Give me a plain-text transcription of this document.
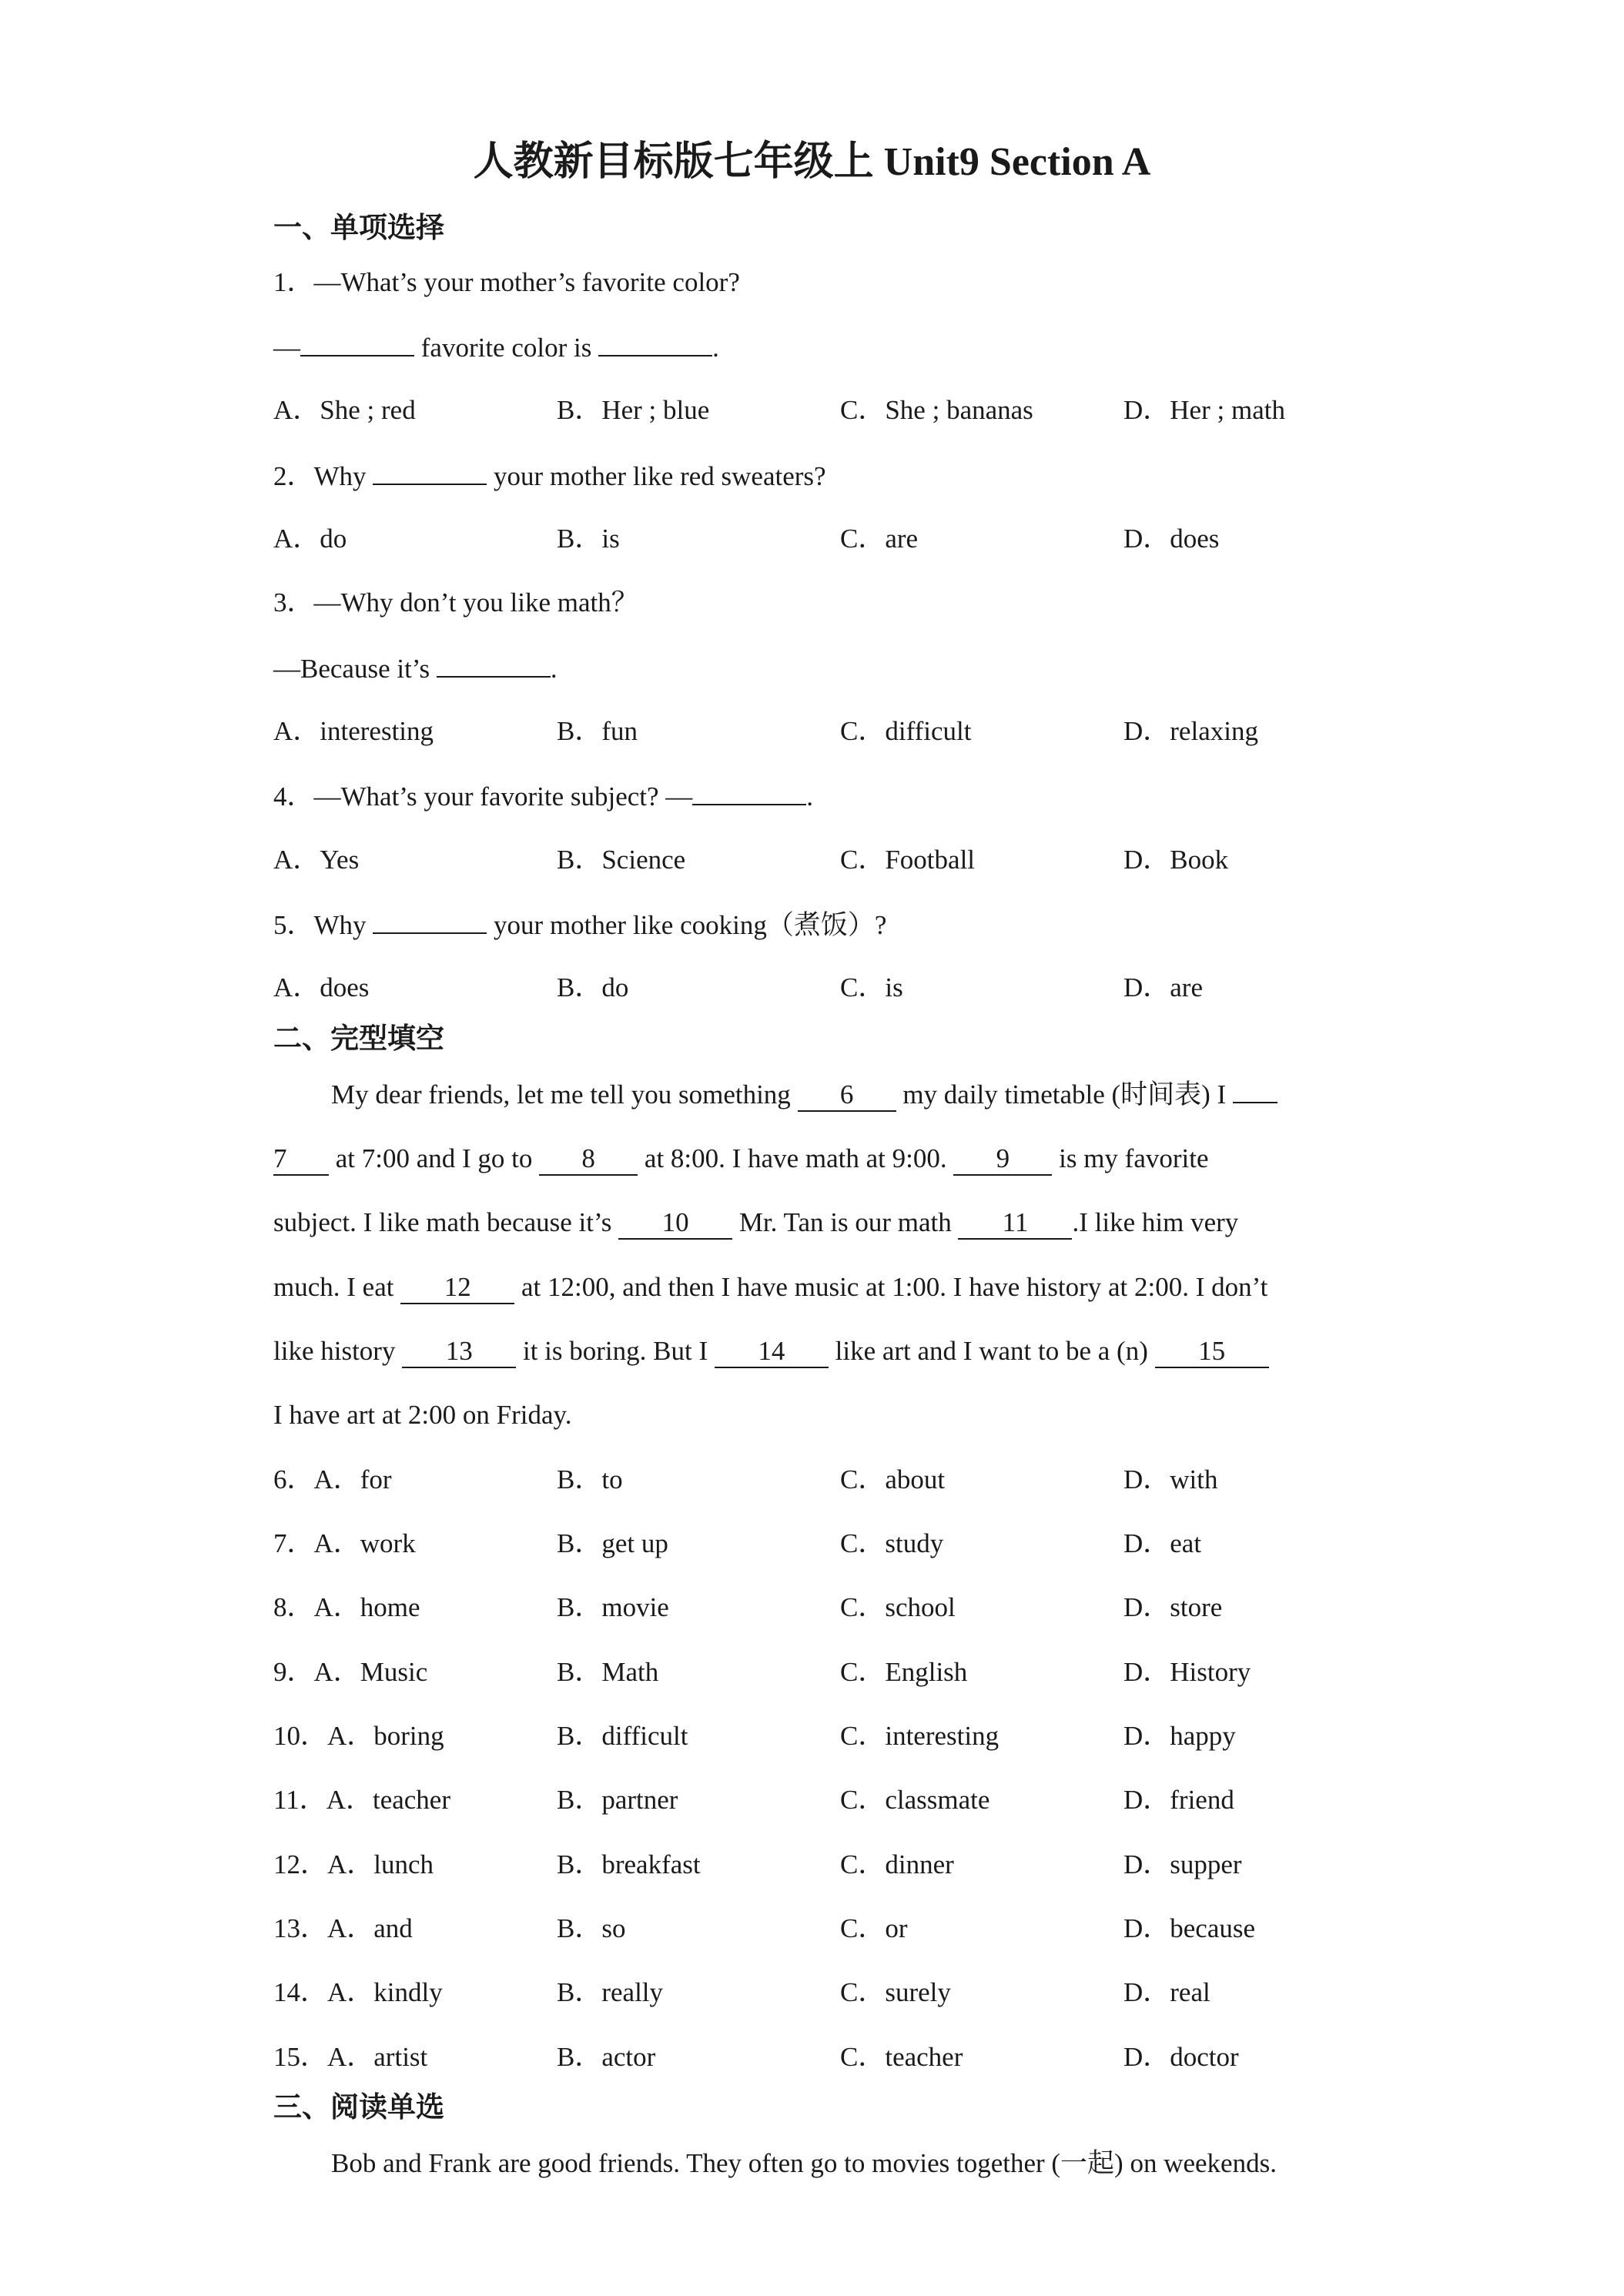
人教新目标版七年级上 Unit9 Section A
一、单项选择
1．—What’s your mother’s favorite color?
—	favorite color is	.
A．She ; red	B．Her ; blue	C．She ; bananas	D．Her ; math
2．Why	your mother like red sweaters?
A．do	B．is	C．are	D．does
3．—Why don’t you like math？
—Because it’s	.
A．interesting	B．fun	C．difficult	D．relaxing
4．—What’s your favorite subject? —	.
A．Yes	B．Science	C．Football	D．Book
5．Why	your mother like cooking（煮饭）?
A．does	B．do	C．is	D．are
二、完型填空
My dear friends, let me tell you something 6 my daily timetable (时间表) I
7 at 7:00 and I go to 8 at 8:00. I have math at 9:00. 9 is my favorite
subject. I like math because it’s 10 Mr. Tan is our math 11 .I like him very
much. I eat 12 at 12:00, and then I have music at 1:00. I have history at 2:00. I don’t
like history 13 it is boring. But I 14 like art and I want to be a (n) 15
I have art at 2:00 on Friday.
6．A．for	B．to	C．about	D．with
7．A．work	B．get up	C．study	D．eat
8．A．home	B．movie	C．school	D．store
9．A．Music	B．Math	C．English	D．History
10．A．boring	B．difficult	C．interesting	D．happy
11．A．teacher	B．partner	C．classmate	D．friend
12．A．lunch	B．breakfast	C．dinner	D．supper
13．A．and	B．so	C．or	D．because
14．A．kindly	B．really	C．surely	D．real
15．A．artist	B．actor	C．teacher	D．doctor
三、阅读单选
Bob and Frank are good friends. They often go to movies together (一起) on weekends.
